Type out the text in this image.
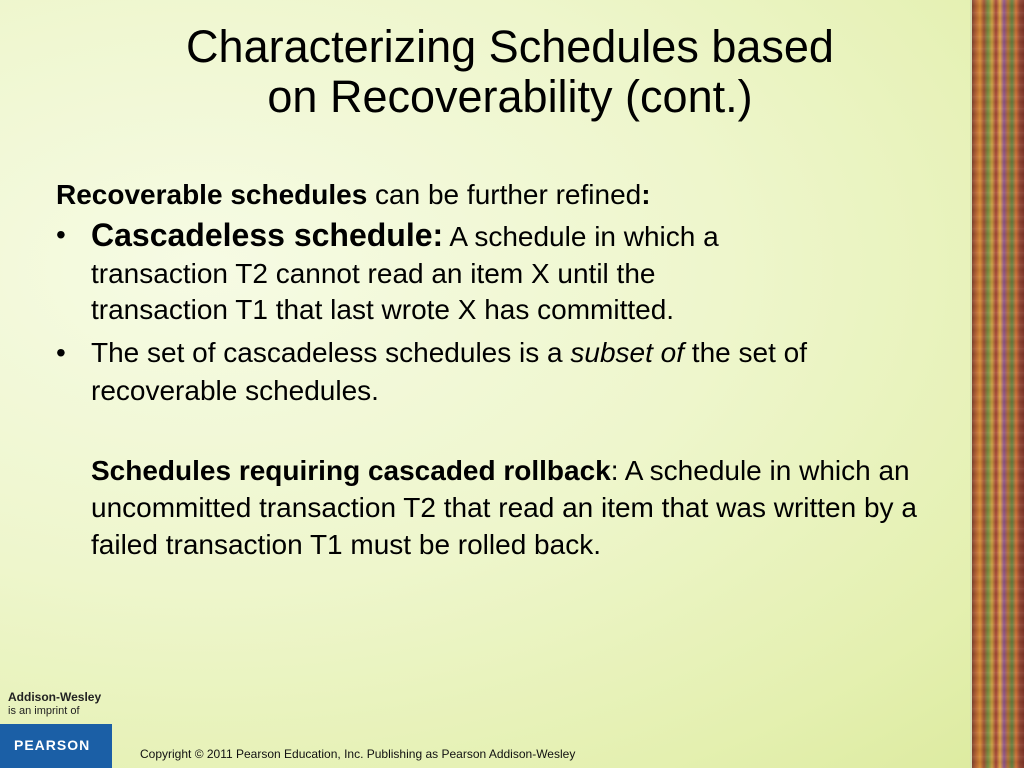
Characterizing Schedules based
on Recoverability (cont.)

Recoverable schedules can be further refined:

• Cascadeless schedule: A schedule in which a
transaction T2 cannot read an item X until the
transaction T1 that last wrote X has committed.
• The set of cascadeless schedules is a subset of the set of recoverable schedules.

Schedules requiring cascaded rollback: A schedule in which an uncommitted transaction T2 that read an item that was written by a failed transaction T1 must be rolled back.

Addison-Wesley
is an imprint of
PEARSON
Copyright © 2011 Pearson Education, Inc. Publishing as Pearson Addison-Wesley
